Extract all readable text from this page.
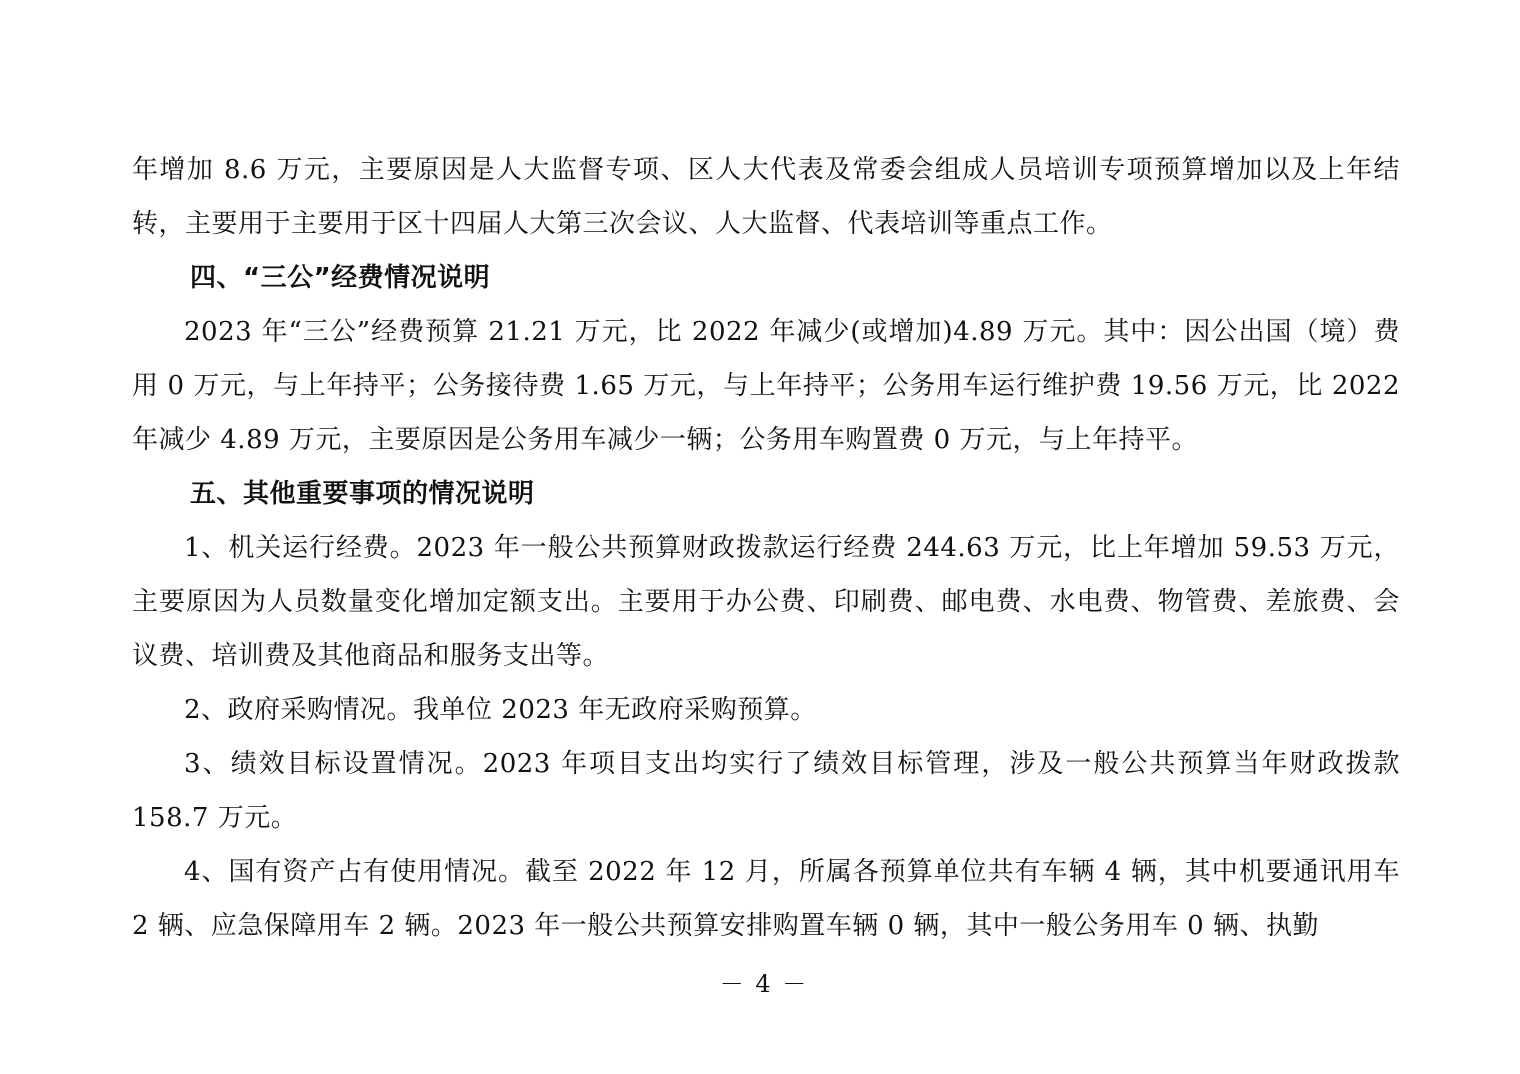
年增加 8.6 万元，主要原因是人大监督专项、区人大代表及常委会组成人员培训专项预算增加以及上年结转，主要用于主要用于区十四届人大第三次会议、人大监督、代表培训等重点工作。

四、“三公”经费情况说明

2023 年“三公”经费预算 21.21 万元，比 2022 年减少(或增加)4.89 万元。其中：因公出国（境）费用 0 万元，与上年持平；公务接待费 1.65 万元，与上年持平；公务用车运行维护费 19.56 万元，比 2022 年减少 4.89 万元，主要原因是公务用车减少一辆；公务用车购置费 0 万元，与上年持平。

五、其他重要事项的情况说明

1、机关运行经费。2023 年一般公共预算财政拨款运行经费 244.63 万元，比上年增加 59.53 万元，主要原因为人员数量变化增加定额支出。主要用于办公费、印刷费、邮电费、水电费、物管费、差旅费、会议费、培训费及其他商品和服务支出等。

2、政府采购情况。我单位 2023 年无政府采购预算。

3、绩效目标设置情况。2023 年项目支出均实行了绩效目标管理，涉及一般公共预算当年财政拨款 158.7 万元。

4、国有资产占有使用情况。截至 2022 年 12 月，所属各预算单位共有车辆 4 辆，其中机要通讯用车 2 辆、应急保障用车 2 辆。2023 年一般公共预算安排购置车辆 0 辆，其中一般公务用车 0 辆、执勤

－ 4 －
